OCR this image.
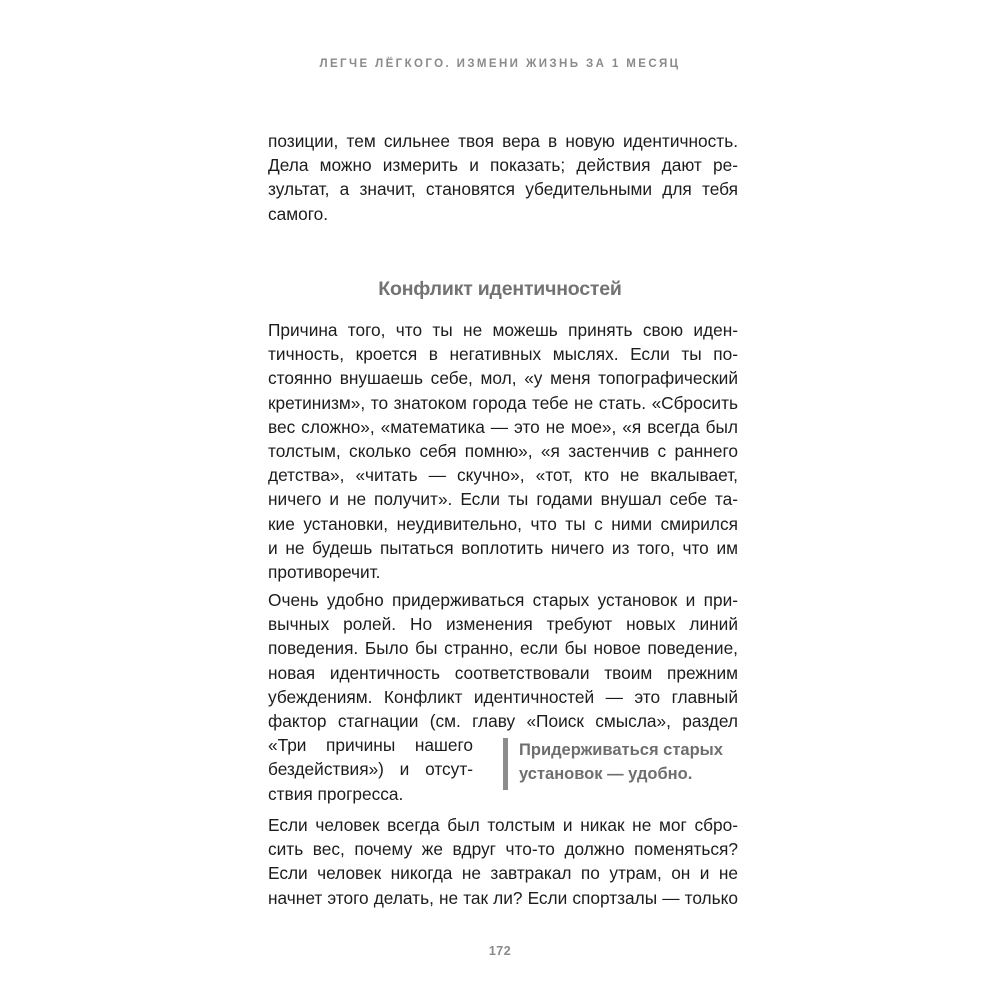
ЛЕГЧЕ ЛЁГКОГО. ИЗМЕНИ ЖИЗНЬ ЗА 1 МЕСЯЦ
позиции, тем сильнее твоя вера в новую идентичность.
Дела можно измерить и показать; действия дают ре-
зультат, а значит, становятся убедительными для тебя
самого.
Конфликт идентичностей
Причина того, что ты не можешь принять свою иден-
тичность, кроется в негативных мыслях. Если ты по-
стоянно внушаешь себе, мол, «у меня топографический
кретинизм», то знатоком города тебе не стать. «Сбросить
вес сложно», «математика — это не мое», «я всегда был
толстым, сколько себя помню», «я застенчив с раннего
детства», «читать — скучно», «тот, кто не вкалывает,
ничего и не получит». Если ты годами внушал себе та-
кие установки, неудивительно, что ты с ними смирился
и не будешь пытаться воплотить ничего из того, что им
противоречит.
Очень удобно придерживаться старых установок и при-
вычных ролей. Но изменения требуют новых линий
поведения. Было бы странно, если бы новое поведение,
новая идентичность соответствовали твоим прежним
убеждениям. Конфликт идентичностей — это главный
фактор стагнации (см. главу «Поиск смысла», раздел
«Три причины нашего
бездействия») и отсут-
ствия прогресса.
Придерживаться старых
установок — удобно.
Если человек всегда был толстым и никак не мог сбро-
сить вес, почему же вдруг что-то должно поменяться?
Если человек никогда не завтракал по утрам, он и не
начнет этого делать, не так ли? Если спортзалы — только
172
